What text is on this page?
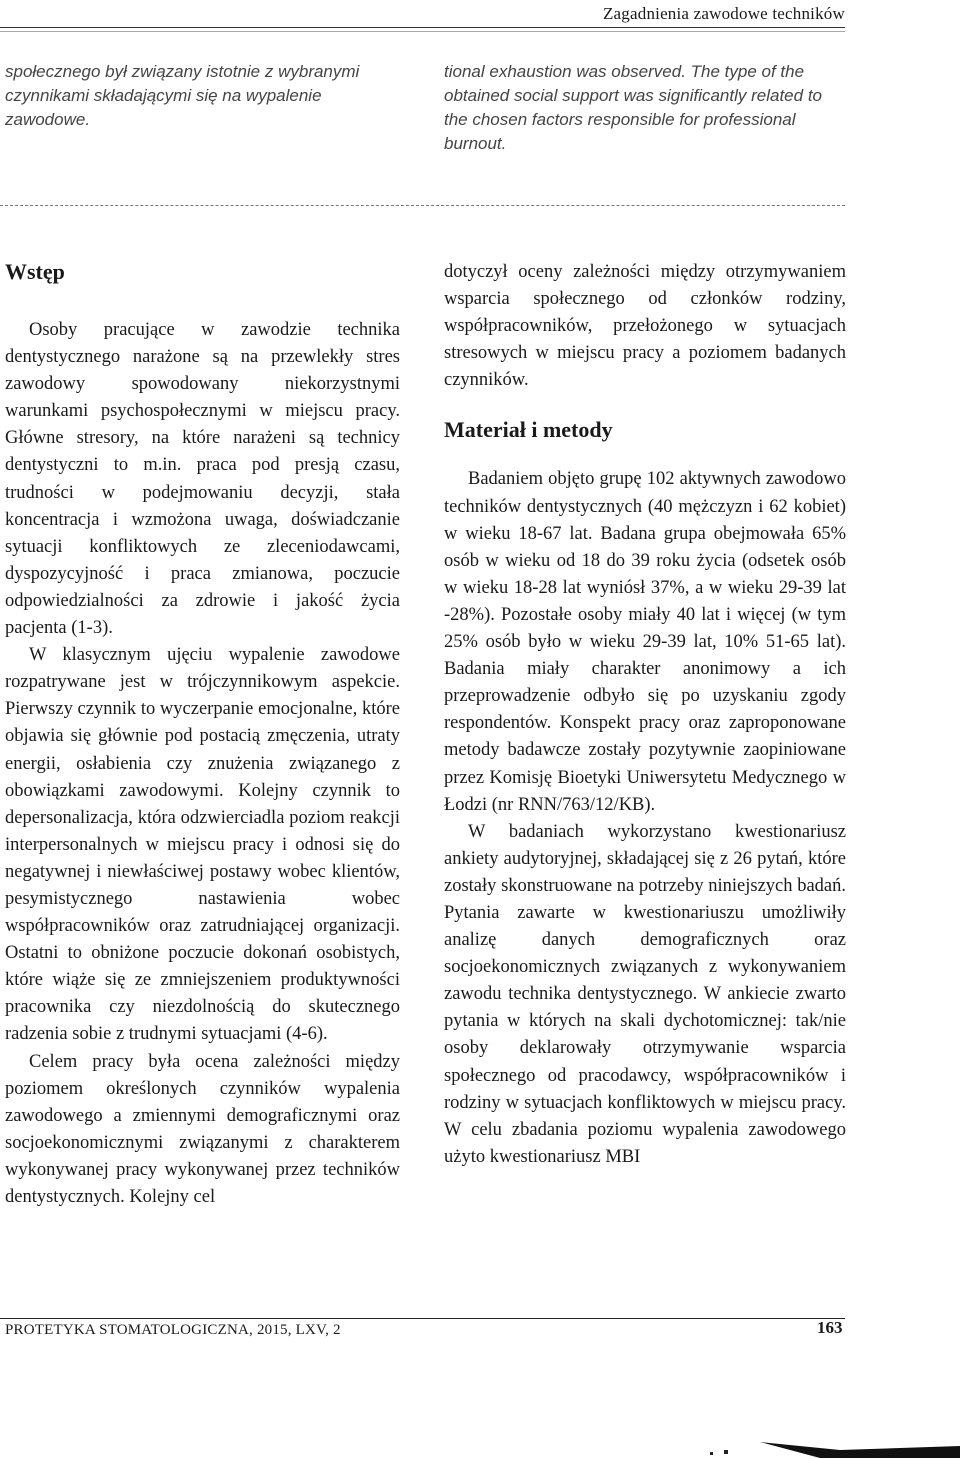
Zagadnienia zawodowe techników

społecznego był związany istotnie z wybranymi czynnikami składającymi się na wypalenie zawodowe.

tional exhaustion was observed. The type of the obtained social support was significantly related to the chosen factors responsible for professional burnout.

Wstęp

Osoby pracujące w zawodzie technika dentystycznego narażone są na przewlekły stres zawodowy spowodowany niekorzystnymi warunkami psychospołecznymi w miejscu pracy. Główne stresory, na które narażeni są technicy dentystyczni to m.in. praca pod presją czasu, trudności w podejmowaniu decyzji, stała koncentracja i wzmożona uwaga, doświadczanie sytuacji konfliktowych ze zleceniodawcami, dyspozycyjność i praca zmianowa, poczucie odpowiedzialności za zdrowie i jakość życia pacjenta (1-3).

W klasycznym ujęciu wypalenie zawodowe rozpatrywane jest w trójczynnikowym aspekcie. Pierwszy czynnik to wyczerpanie emocjonalne, które objawia się głównie pod postacią zmęczenia, utraty energii, osłabienia czy znużenia związanego z obowiązkami zawodowymi. Kolejny czynnik to depersonalizacja, która odzwierciadla poziom reakcji interpersonalnych w miejscu pracy i odnosi się do negatywnej i niewłaściwej postawy wobec klientów, pesymistycznego nastawienia wobec współpracowników oraz zatrudniającej organizacji. Ostatni to obniżone poczucie dokonań osobistych, które wiąże się ze zmniejszeniem produktywności pracownika czy niezdolnością do skutecznego radzenia sobie z trudnymi sytuacjami (4-6).

Celem pracy była ocena zależności między poziomem określonych czynników wypalenia zawodowego a zmiennymi demograficznymi oraz socjoekonomicznymi związanymi z charakterem wykonywanej pracy wykonywanej przez techników dentystycznych. Kolejny cel

dotyczył oceny zależności między otrzymywaniem wsparcia społecznego od członków rodziny, współpracowników, przełożonego w sytuacjach stresowych w miejscu pracy a poziomem badanych czynników.

Materiał i metody

Badaniem objęto grupę 102 aktywnych zawodowo techników dentystycznych (40 mężczyzn i 62 kobiet) w wieku 18-67 lat. Badana grupa obejmowała 65% osób w wieku od 18 do 39 roku życia (odsetek osób w wieku 18-28 lat wyniósł 37%, a w wieku 29-39 lat -28%). Pozostałe osoby miały 40 lat i więcej (w tym 25% osób było w wieku 29-39 lat, 10% 51-65 lat). Badania miały charakter anonimowy a ich przeprowadzenie odbyło się po uzyskaniu zgody respondentów. Konspekt pracy oraz zaproponowane metody badawcze zostały pozytywnie zaopiniowane przez Komisję Bioetyki Uniwersytetu Medycznego w Łodzi (nr RNN/763/12/KB).

W badaniach wykorzystano kwestionariusz ankiety audytoryjnej, składającej się z 26 pytań, które zostały skonstruowane na potrzeby niniejszych badań. Pytania zawarte w kwestionariuszu umożliwiły analizę danych demograficznych oraz socjoekonomicznych związanych z wykonywaniem zawodu technika dentystycznego. W ankiecie zwarto pytania w których na skali dychotomicznej: tak/nie osoby deklarowały otrzymywanie wsparcia społecznego od pracodawcy, współpracowników i rodziny w sytuacjach konfliktowych w miejscu pracy. W celu zbadania poziomu wypalenia zawodowego użyto kwestionariusz MBI

PROTETYKA STOMATOLOGICZNA, 2015, LXV, 2	163
